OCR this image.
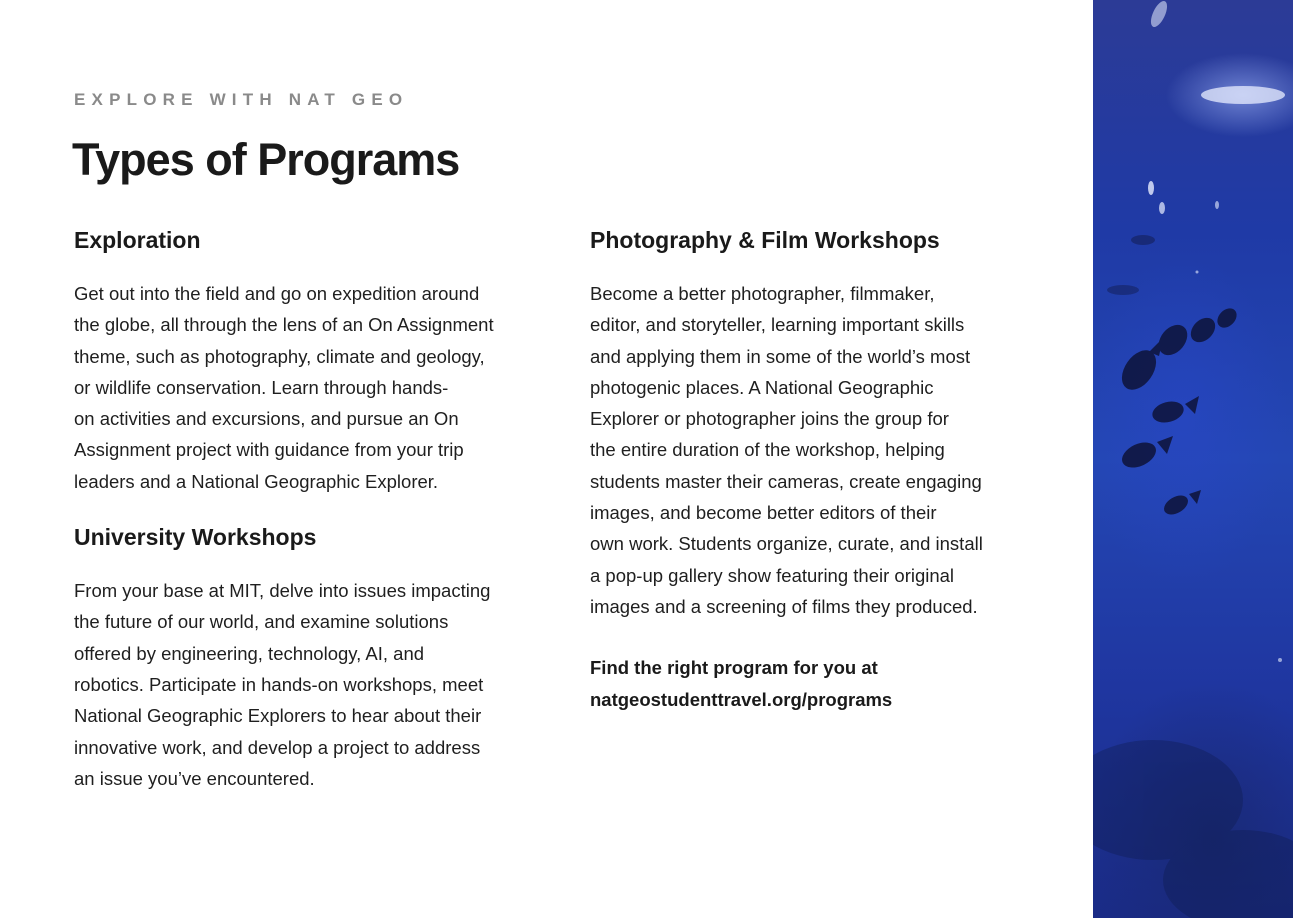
EXPLORE WITH NAT GEO
Types of Programs
Exploration

Get out into the field and go on expedition around
the globe, all through the lens of an On Assignment
theme, such as photography, climate and geology,
or wildlife conservation. Learn through hands-
on activities and excursions, and pursue an On
Assignment project with guidance from your trip
leaders and a National Geographic Explorer.

University Workshops

From your base at MIT, delve into issues impacting
the future of our world, and examine solutions
offered by engineering, technology, AI, and
robotics. Participate in hands-on workshops, meet
National Geographic Explorers to hear about their
innovative work, and develop a project to address
an issue you’ve encountered.

Photography & Film Workshops

Become a better photographer, filmmaker,
editor, and storyteller, learning important skills
and applying them in some of the world’s most
photogenic places. A National Geographic
Explorer or photographer joins the group for
the entire duration of the workshop, helping
students master their cameras, create engaging
images, and become better editors of their
own work. Students organize, curate, and install
a pop-up gallery show featuring their original
images and a screening of films they produced.

Find the right program for you at
natgeostudenttravel.org/programs
